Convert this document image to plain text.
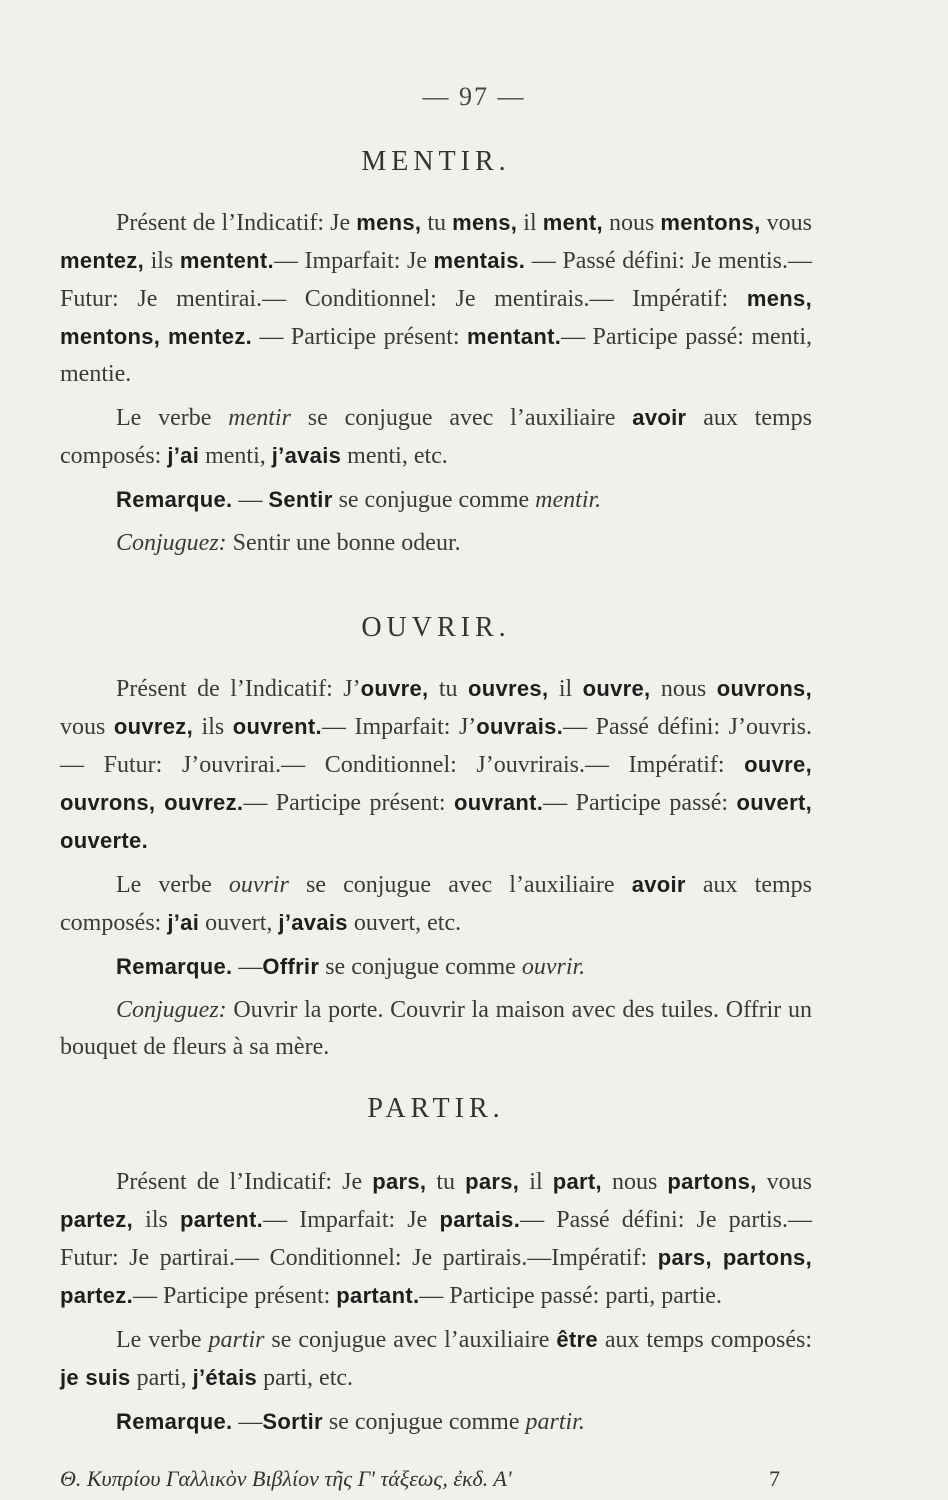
— 97 —
MENTIR.

Présent de l’Indicatif: Je mens, tu mens, il ment, nous mentons, vous mentez, ils mentent.— Imparfait: Je mentais. — Passé défini: Je mentis.— Futur: Je mentirai.— Conditionnel: Je mentirais.— Impératif: mens, mentons, mentez. — Participe présent: mentant.— Participe passé: menti, mentie.

Le verbe mentir se conjugue avec l’auxiliaire avoir aux temps composés: j’ai menti, j’avais menti, etc.

Remarque. — Sentir se conjugue comme mentir.

Conjuguez: Sentir une bonne odeur.

OUVRIR.

Présent de l’Indicatif: J’ouvre, tu ouvres, il ouvre, nous ouvrons, vous ouvrez, ils ouvrent.— Imparfait: J’ouvrais.— Passé défini: J’ouvris.— Futur: J’ouvrirai.— Conditionnel: J’ouvrirais.— Impératif: ouvre, ouvrons, ouvrez.— Participe présent: ouvrant.— Participe passé: ouvert, ouverte.

Le verbe ouvrir se conjugue avec l’auxiliaire avoir aux temps composés: j’ai ouvert, j’avais ouvert, etc.

Remarque. —Offrir se conjugue comme ouvrir.

Conjuguez: Ouvrir la porte. Couvrir la maison avec des tuiles. Offrir un bouquet de fleurs à sa mère.

PARTIR.

Présent de l’Indicatif: Je pars, tu pars, il part, nous partons, vous partez, ils partent.— Imparfait: Je partais.— Passé défini: Je partis.— Futur: Je partirai.— Conditionnel: Je partirais.—Impératif: pars, partons, partez.— Participe présent: partant.— Participe passé: parti, partie.

Le verbe partir se conjugue avec l’auxiliaire être aux temps composés: je suis parti, j’étais parti, etc.

Remarque. —Sortir se conjugue comme partir.

Θ. Κυπρίου Γαλλικὸν Βιβλίον τῆς Γ' τάξεως, ἐκδ. Α'	7
